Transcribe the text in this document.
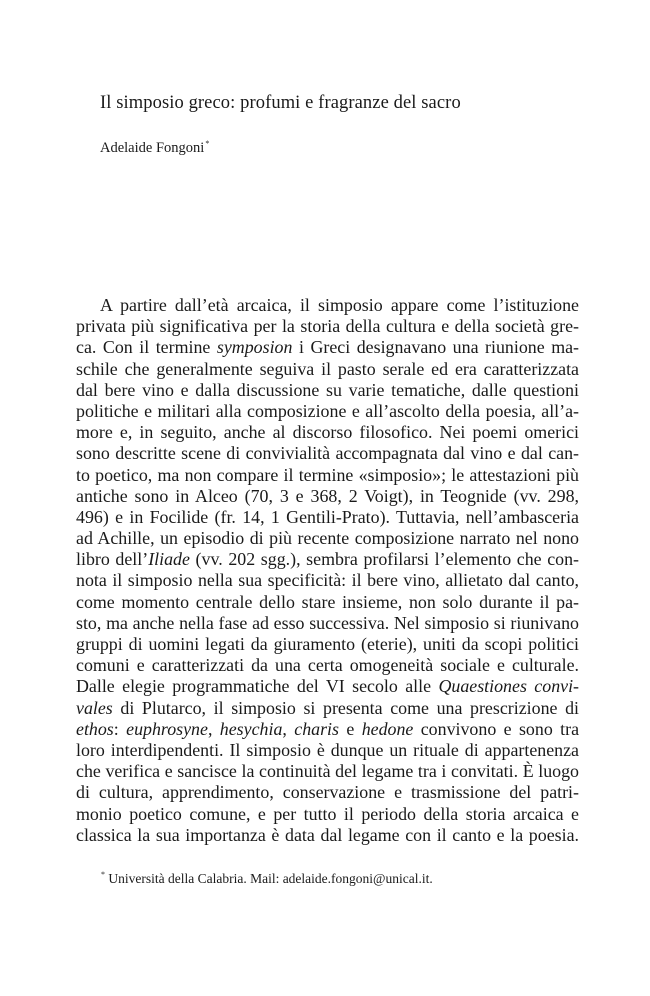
Il simposio greco: profumi e fragranze del sacro
Adelaide Fongoni*
A partire dall’età arcaica, il simposio appare come l’istituzione
privata più significativa per la storia della cultura e della società gre-
ca. Con il termine symposion i Greci designavano una riunione ma-
schile che generalmente seguiva il pasto serale ed era caratterizzata
dal bere vino e dalla discussione su varie tematiche, dalle questioni
politiche e militari alla composizione e all’ascolto della poesia, all’a-
more e, in seguito, anche al discorso filosofico. Nei poemi omerici
sono descritte scene di convivialità accompagnata dal vino e dal can-
to poetico, ma non compare il termine «simposio»; le attestazioni più
antiche sono in Alceo (70, 3 e 368, 2 Voigt), in Teognide (vv. 298,
496) e in Focilide (fr. 14, 1 Gentili-Prato). Tuttavia, nell’ambasceria
ad Achille, un episodio di più recente composizione narrato nel nono
libro dell’Iliade (vv. 202 sgg.), sembra profilarsi l’elemento che con-
nota il simposio nella sua specificità: il bere vino, allietato dal canto,
come momento centrale dello stare insieme, non solo durante il pa-
sto, ma anche nella fase ad esso successiva. Nel simposio si riunivano
gruppi di uomini legati da giuramento (eterie), uniti da scopi politici
comuni e caratterizzati da una certa omogeneità sociale e culturale.
Dalle elegie programmatiche del VI secolo alle Quaestiones convi-
vales di Plutarco, il simposio si presenta come una prescrizione di
ethos: euphrosyne, hesychia, charis e hedone convivono e sono tra
loro interdipendenti. Il simposio è dunque un rituale di appartenenza
che verifica e sancisce la continuità del legame tra i convitati. È luogo
di cultura, apprendimento, conservazione e trasmissione del patri-
monio poetico comune, e per tutto il periodo della storia arcaica e
classica la sua importanza è data dal legame con il canto e la poesia.
* Università della Calabria. Mail: adelaide.fongoni@unical.it.
